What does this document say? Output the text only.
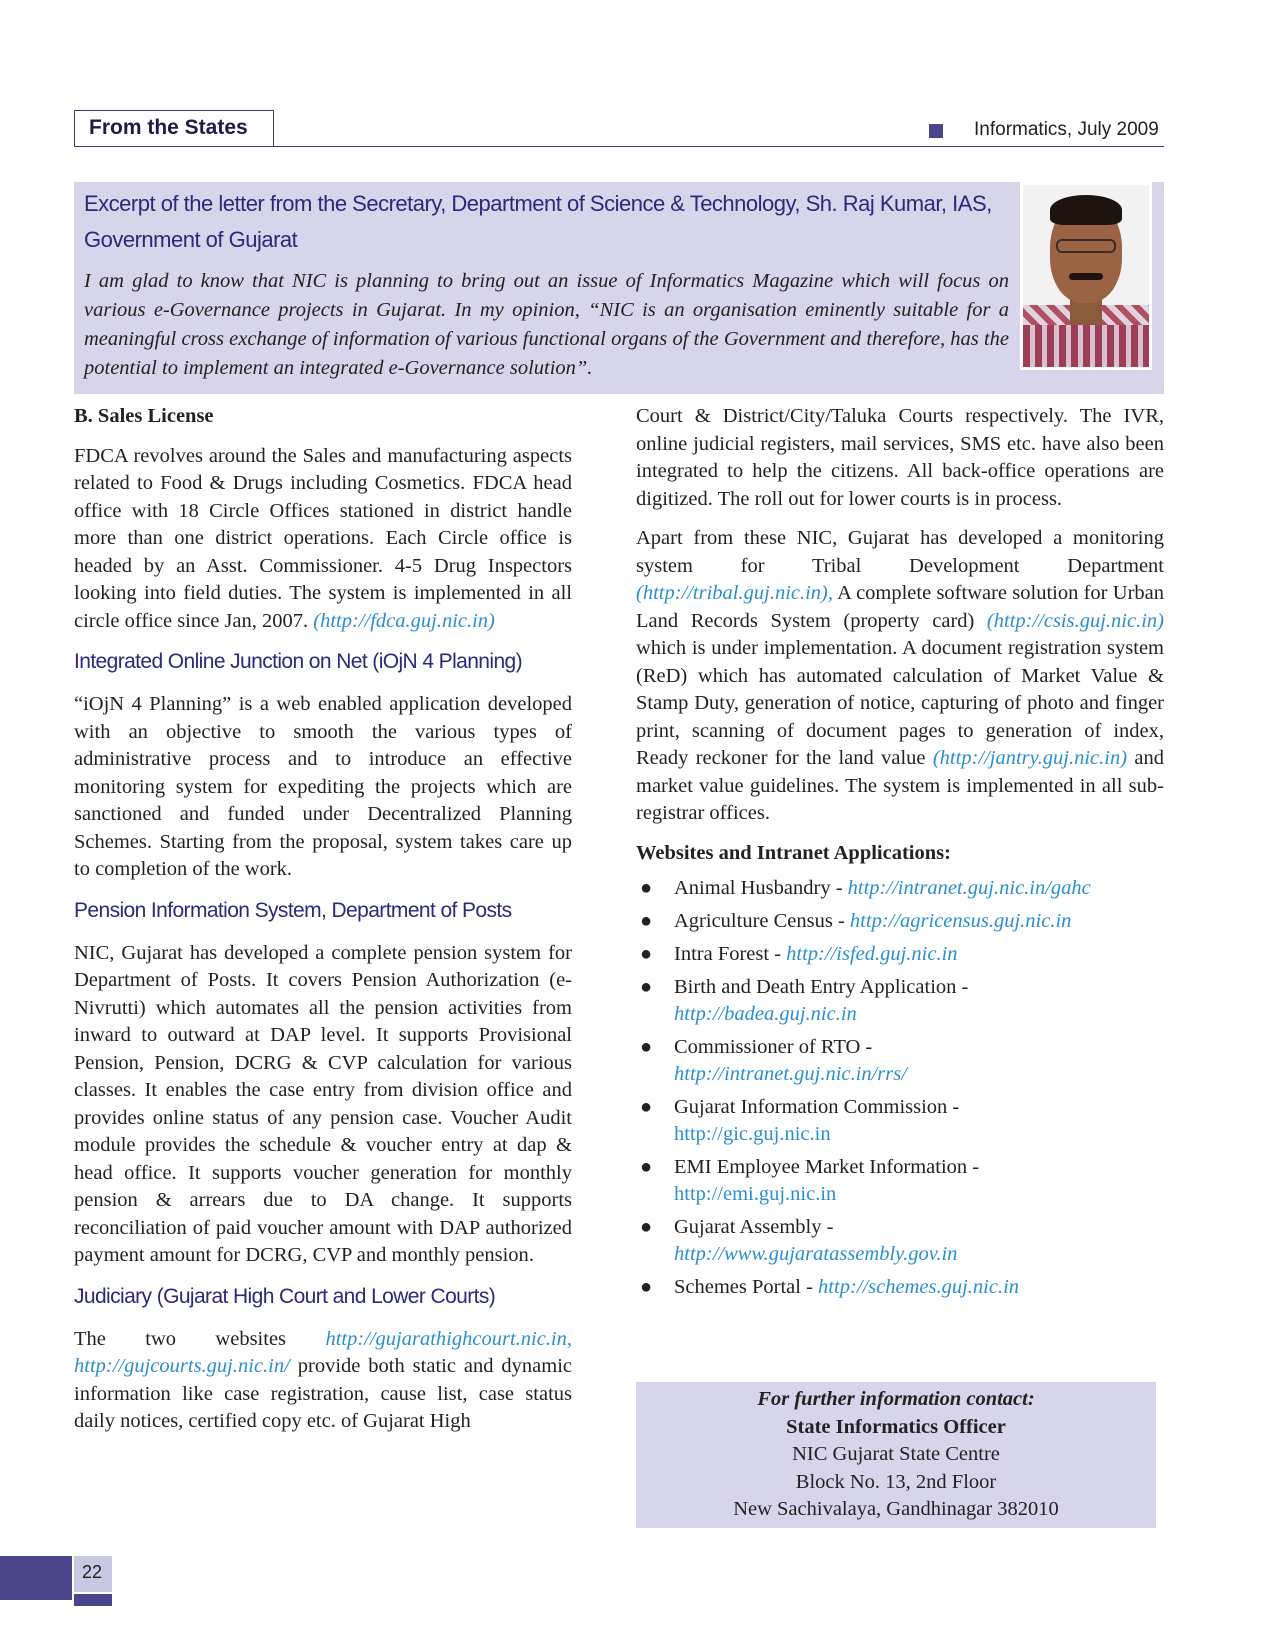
From the States	Informatics, July 2009
Excerpt of the letter from the Secretary, Department of Science & Technology, Sh. Raj Kumar, IAS,
Government of Gujarat
I am glad to know that NIC is planning to bring out an issue of Informatics Magazine which will focus on various e-Governance projects in Gujarat. In my opinion, “NIC is an organisation eminently suitable for a meaningful cross exchange of information of various functional organs of the Government and therefore, has the potential to implement an integrated e-Governance solution”.
B. Sales License

FDCA revolves around the Sales and manufacturing aspects related to Food & Drugs including Cosmetics. FDCA head office with 18 Circle Offices stationed in district handle more than one district operations. Each Circle office is headed by an Asst. Commissioner. 4-5 Drug Inspectors looking into field duties. The system is implemented in all circle office since Jan, 2007. (http://fdca.guj.nic.in)

Integrated Online Junction on Net (iOjN 4 Planning)

“iOjN 4 Planning” is a web enabled application developed with an objective to smooth the various types of administrative process and to introduce an effective monitoring system for expediting the projects which are sanctioned and funded under Decentralized Planning Schemes. Starting from the proposal, system takes care up to completion of the work.

Pension Information System, Department of Posts

NIC, Gujarat has developed a complete pension system for Department of Posts. It covers Pension Authorization (e-Nivrutti) which automates all the pension activities from inward to outward at DAP level. It supports Provisional Pension, Pension, DCRG & CVP calculation for various classes. It enables the case entry from division office and provides online status of any pension case. Voucher Audit module provides the schedule & voucher entry at dap & head office. It supports voucher generation for monthly pension & arrears due to DA change. It supports reconciliation of paid voucher amount with DAP authorized payment amount for DCRG, CVP and monthly pension.

Judiciary (Gujarat High Court and Lower Courts)

The two websites http://gujarathighcourt.nic.in, http://gujcourts.guj.nic.in/ provide both static and dynamic information like case registration, cause list, case status daily notices, certified copy etc. of Gujarat High

Court & District/City/Taluka Courts respectively. The IVR, online judicial registers, mail services, SMS etc. have also been integrated to help the citizens. All back-office operations are digitized. The roll out for lower courts is in process.

Apart from these NIC, Gujarat has developed a monitoring system for Tribal Development Department (http://tribal.guj.nic.in), A complete software solution for Urban Land Records System (property card) (http://csis.guj.nic.in) which is under implementation. A document registration system (ReD) which has automated calculation of Market Value & Stamp Duty, generation of notice, capturing of photo and finger print, scanning of document pages to generation of index, Ready reckoner for the land value (http://jantry.guj.nic.in) and market value guidelines. The system is implemented in all sub-registrar offices.

Websites and Intranet Applications:
● Animal Husbandry - http://intranet.guj.nic.in/gahc
● Agriculture Census - http://agricensus.guj.nic.in
● Intra Forest - http://isfed.guj.nic.in
● Birth and Death Entry Application -
http://badea.guj.nic.in
● Commissioner of RTO -
http://intranet.guj.nic.in/rrs/
● Gujarat Information Commission -
http://gic.guj.nic.in
● EMI Employee Market Information -
http://emi.guj.nic.in
● Gujarat Assembly -
http://www.gujaratassembly.gov.in
● Schemes Portal - http://schemes.guj.nic.in
For further information contact:
State Informatics Officer
NIC Gujarat State Centre
Block No. 13, 2nd Floor
New Sachivalaya, Gandhinagar 382010
22
